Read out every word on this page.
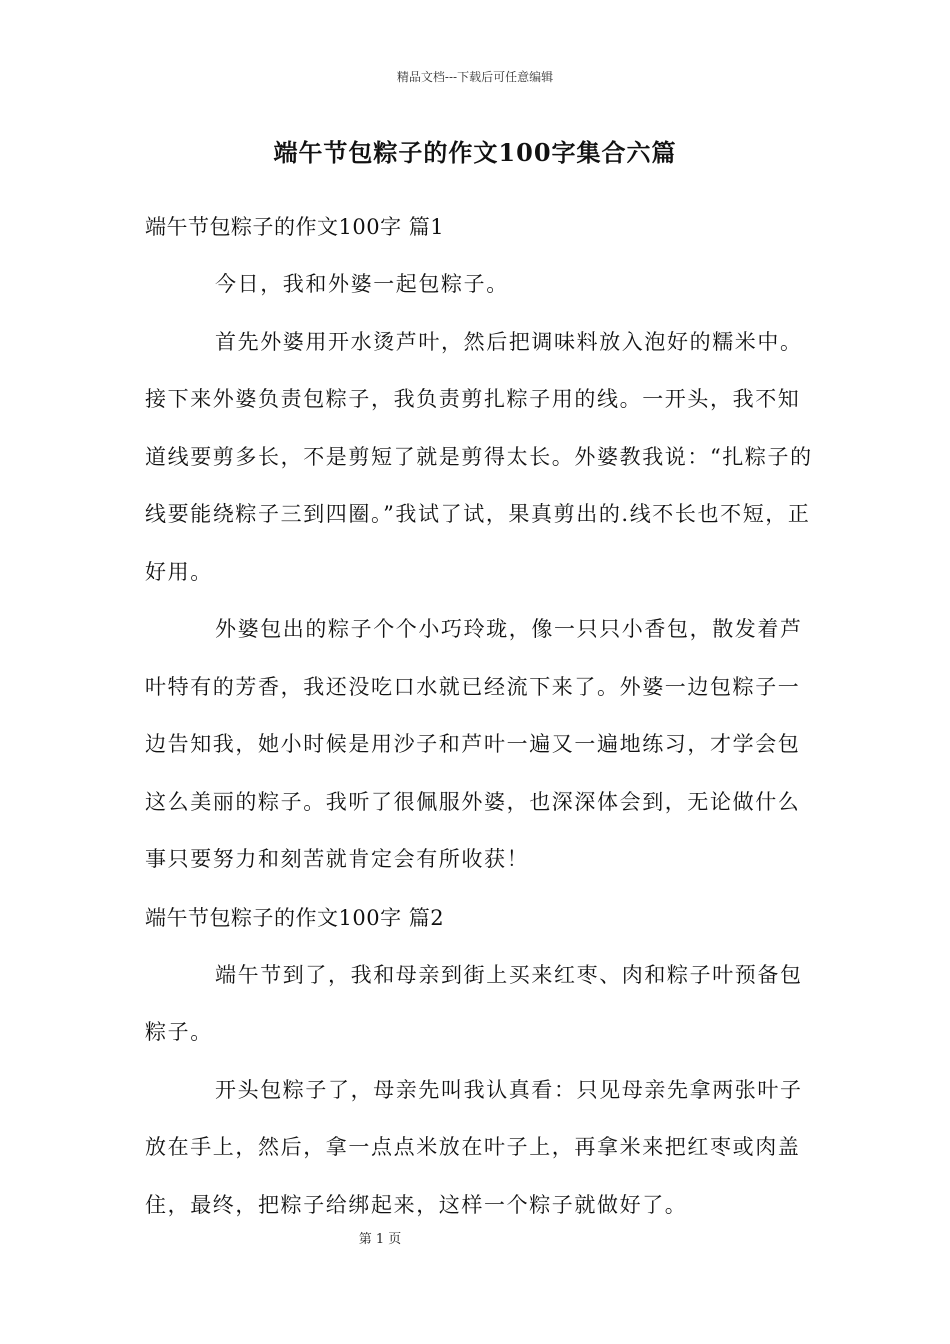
精品文档---下载后可任意编辑
端午节包粽子的作文100字集合六篇

端午节包粽子的作文100字 篇1

今日，我和外婆一起包粽子。

首先外婆用开水烫芦叶，然后把调味料放入泡好的糯米中。接下来外婆负责包粽子，我负责剪扎粽子用的线。一开头，我不知道线要剪多长，不是剪短了就是剪得太长。外婆教我说：“扎粽子的线要能绕粽子三到四圈。”我试了试，果真剪出的.线不长也不短，正好用。

外婆包出的粽子个个小巧玲珑，像一只只小香包，散发着芦叶特有的芳香，我还没吃口水就已经流下来了。外婆一边包粽子一边告知我，她小时候是用沙子和芦叶一遍又一遍地练习，才学会包这么美丽的粽子。我听了很佩服外婆，也深深体会到，无论做什么事只要努力和刻苦就肯定会有所收获！

端午节包粽子的作文100字 篇2

端午节到了，我和母亲到街上买来红枣、肉和粽子叶预备包粽子。

开头包粽子了，母亲先叫我认真看：只见母亲先拿两张叶子放在手上，然后，拿一点点米放在叶子上，再拿米来把红枣或肉盖住，最终，把粽子给绑起来，这样一个粽子就做好了。

第 1 页
